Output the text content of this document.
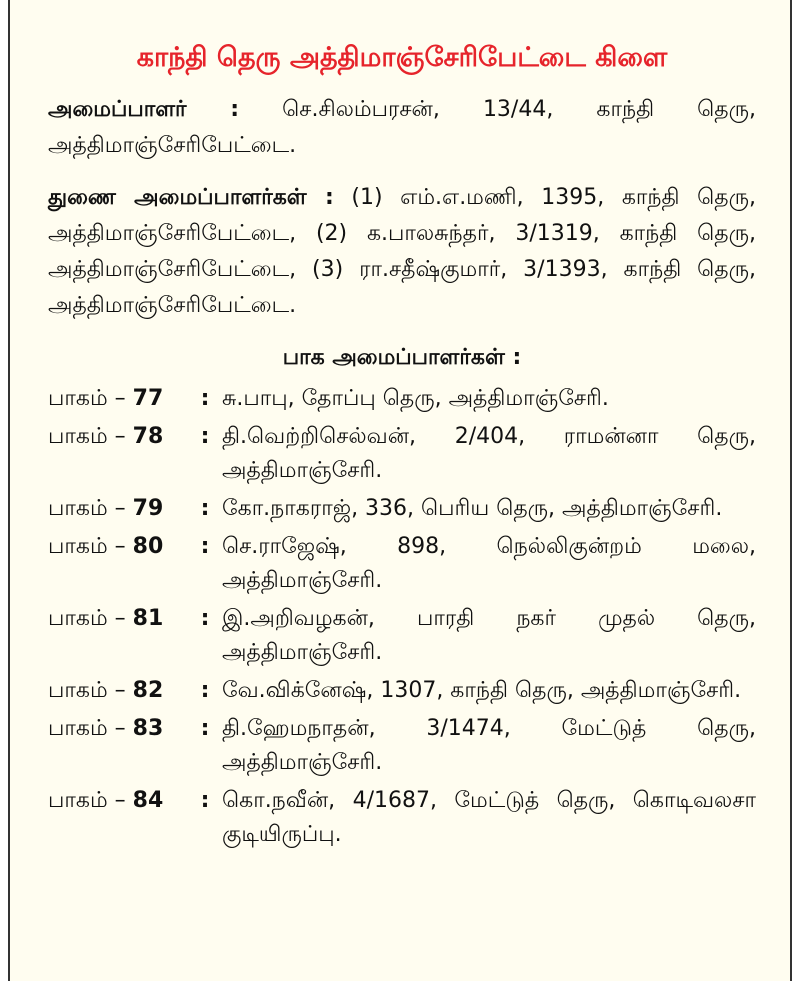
காந்தி தெரு அத்திமாஞ்சேரிபேட்டை கிளை

அமைப்பாளர் : செ.சிலம்பரசன், 13/44, காந்தி தெரு, அத்திமாஞ்சேரிபேட்டை.

துணை அமைப்பாளர்கள் : (1) எம்.எ.மணி, 1395, காந்தி தெரு, அத்திமாஞ்சேரிபேட்டை, (2) க.பாலசுந்தர், 3/1319, காந்தி தெரு, அத்திமாஞ்சேரிபேட்டை, (3) ரா.சதீஷ்குமார், 3/1393, காந்தி தெரு, அத்திமாஞ்சேரிபேட்டை.

பாக அமைப்பாளர்கள் :
பாகம் – 77	: சு.பாபு, தோப்பு தெரு, அத்திமாஞ்சேரி.
பாகம் – 78	: தி.வெற்றிசெல்வன், 2/404, ராமன்னா தெரு, அத்திமாஞ்சேரி.
பாகம் – 79	: கோ.நாகராஜ், 336, பெரிய தெரு, அத்திமாஞ்சேரி.
பாகம் – 80	: செ.ராஜேஷ், 898, நெல்லிகுன்றம் மலை, அத்திமாஞ்சேரி.
பாகம் – 81	: இ.அறிவழகன், பாரதி நகர் முதல் தெரு, அத்திமாஞ்சேரி.
பாகம் – 82	: வே.விக்னேஷ், 1307, காந்தி தெரு, அத்திமாஞ்சேரி.
பாகம் – 83	: தி.ஹேமநாதன், 3/1474, மேட்டுத் தெரு, அத்திமாஞ்சேரி.
பாகம் – 84	: கொ.நவீன், 4/1687, மேட்டுத் தெரு, கொடிவலசா குடியிருப்பு.
